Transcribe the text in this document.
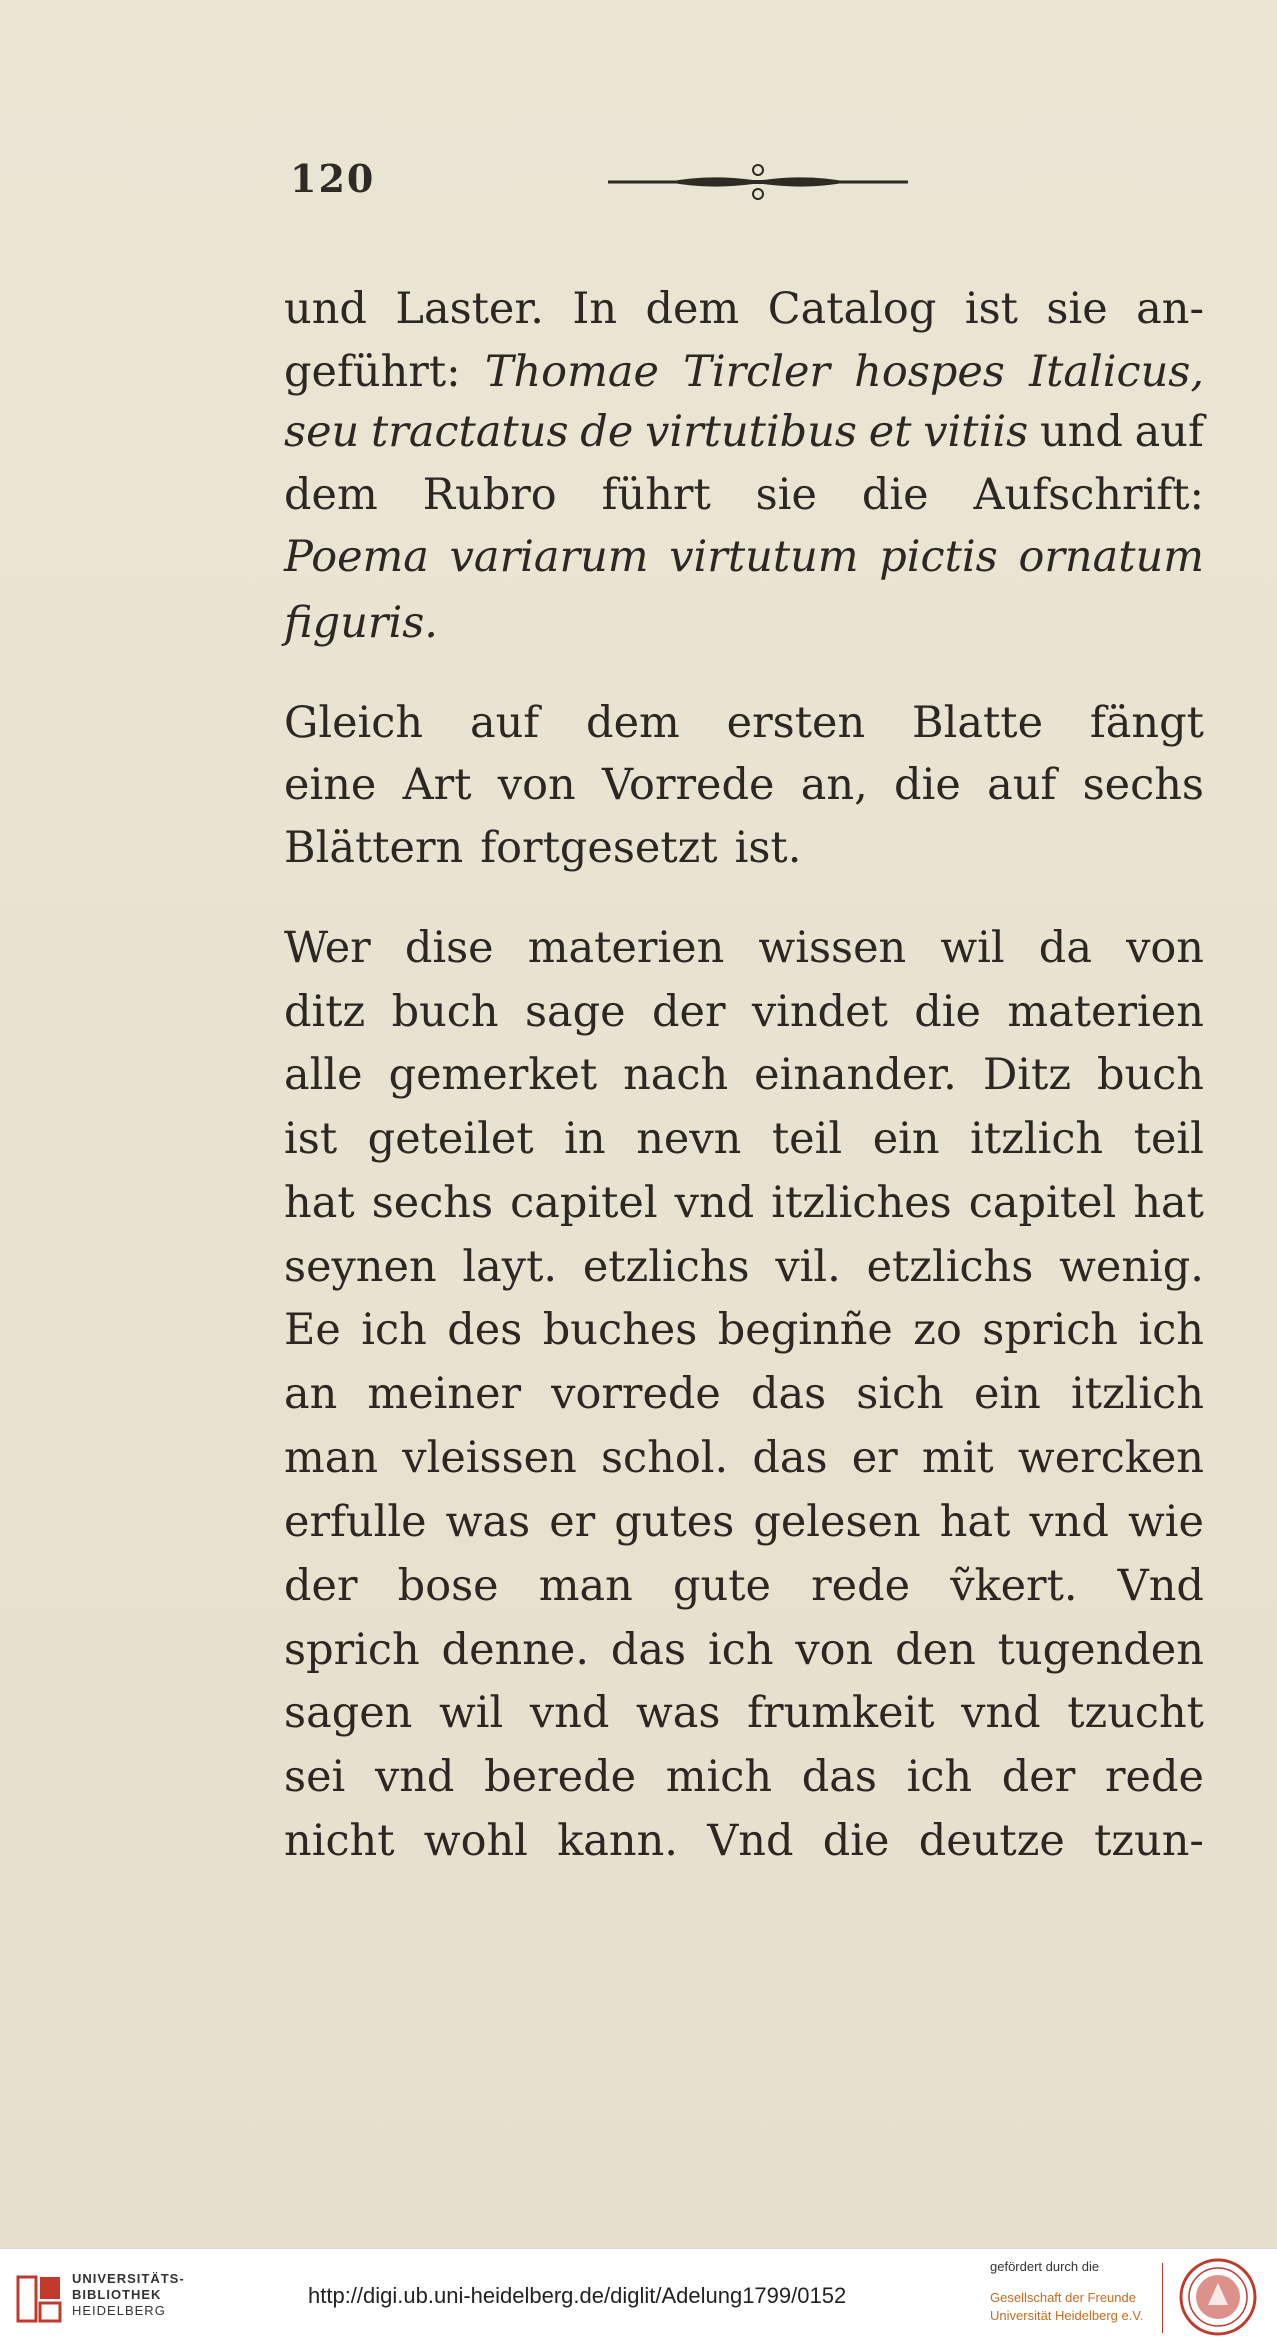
120
und Laster. In dem Catalog ist sie an-
geführt: Thomae Tircler hospes Italicus,
seu tractatus de virtutibus et vitiis und auf
dem Rubro führt sie die Aufschrift:
Poema variarum virtutum pictis ornatum
figuris.
Gleich auf dem ersten Blatte fängt
eine Art von Vorrede an, die auf sechs
Blättern fortgesetzt ist.
Wer dise materien wissen wil da von
ditz buch sage der vindet die materien
alle gemerket nach einander. Ditz buch
ist geteilet in nevn teil ein itzlich teil
hat sechs capitel vnd itzliches capitel hat
seynen layt. etzlichs vil. etzlichs wenig.
Ee ich des buches beginñe zo sprich ich
an meiner vorrede das sich ein itzlich
man vleissen schol. das er mit wercken
erfulle was er gutes gelesen hat vnd wie
der bose man gute rede ṽkert. Vnd
sprich denne. das ich von den tugenden
sagen wil vnd was frumkeit vnd tzucht
sei vnd berede mich das ich der rede
nicht wohl kann. Vnd die deutze tzun-
UNIVERSITÄTS-
BIBLIOTHEK
HEIDELBERG
http://digi.ub.uni-heidelberg.de/diglit/Adelung1799/0152
gefördert durch die
Gesellschaft der Freunde
Universität Heidelberg e.V.
